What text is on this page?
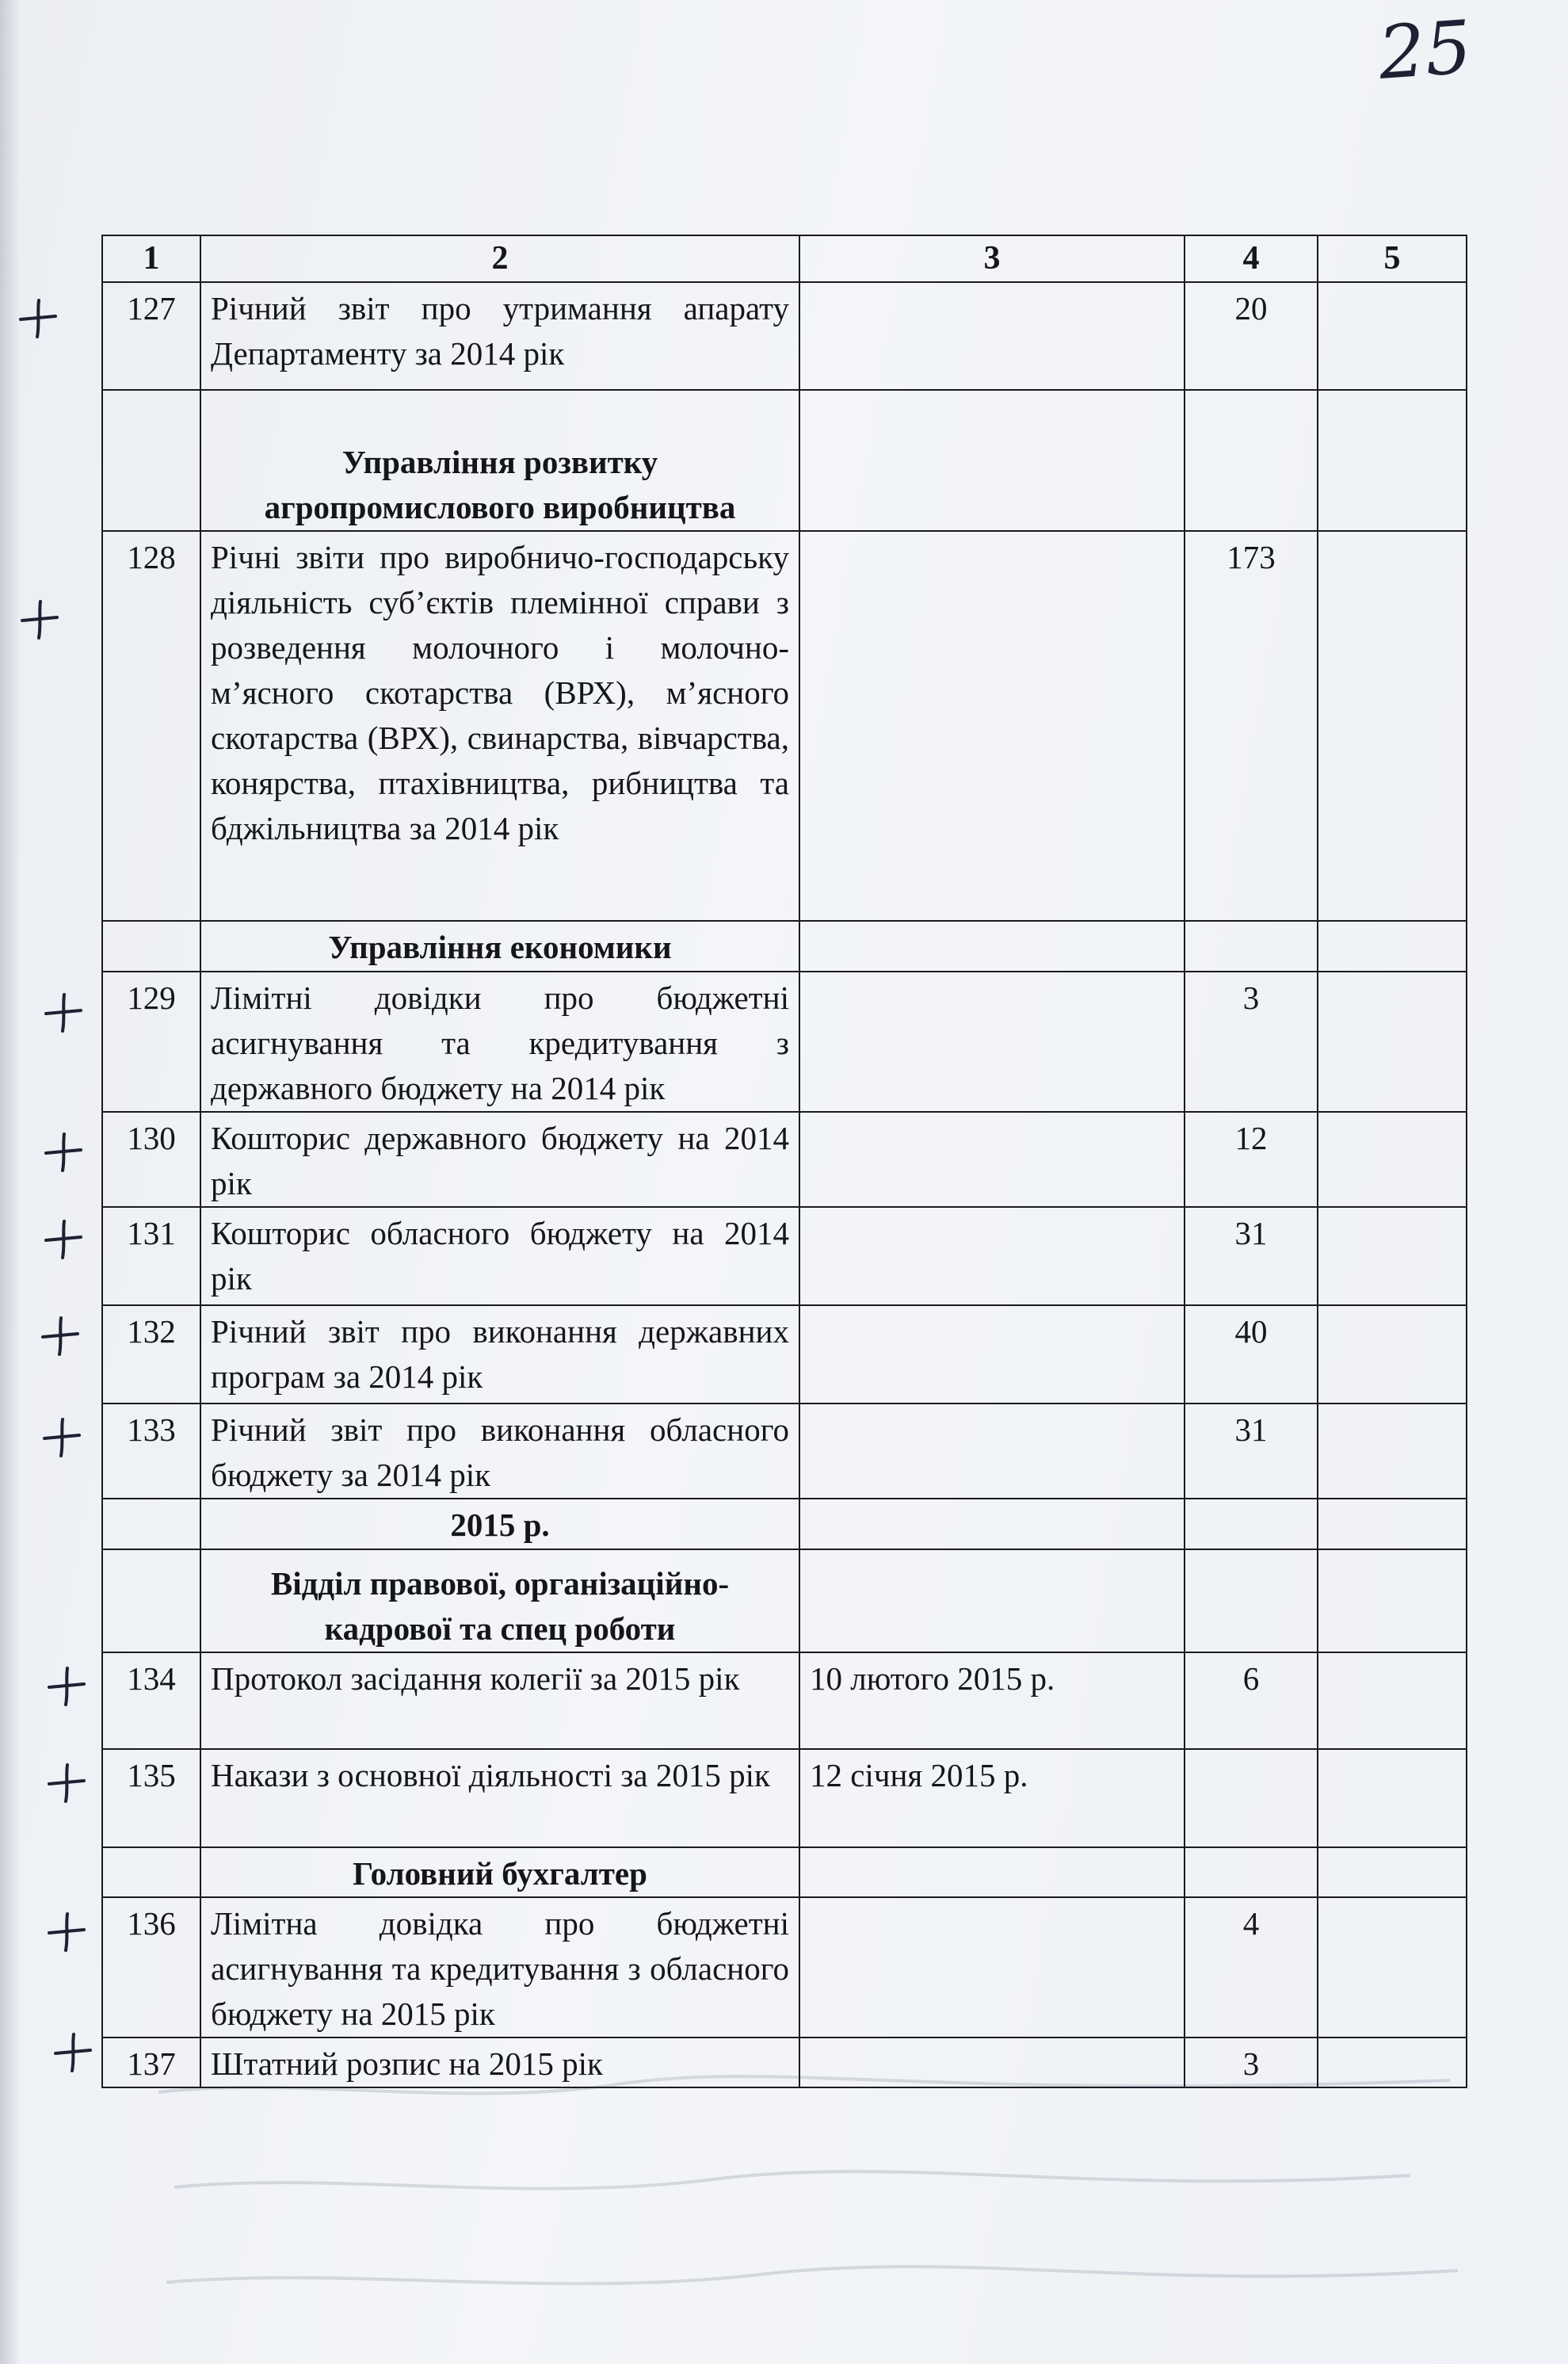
25
1	2	3	4	5
127	Річний звіт про утримання апарату Департаменту за 2014 рік		20	
	Управління розвитку агропромислового виробництва			
128	Річні звіти про виробничо-господарську діяльність суб’єктів племінної справи з розведення молочного і молочно-м’ясного скотарства (ВРХ), м’ясного скотарства (ВРХ), свинарства, вівчарства, конярства, птахівництва, рибництва та бджільництва за 2014 рік		173	
	Управління економики			
129	Лімітні довідки про бюджетні асигнування та кредитування з державного бюджету на 2014 рік		3	
130	Кошторис державного бюджету на 2014 рік		12	
131	Кошторис обласного бюджету на 2014 рік		31	
132	Річний звіт про виконання державних програм за 2014 рік		40	
133	Річний звіт про виконання обласного бюджету за 2014 рік		31	
	2015 р.			
	Відділ правової, організаційно-кадрової та спец роботи			
134	Протокол засідання колегії за 2015 рік	10 лютого 2015 р.	6	
135	Накази з основної діяльності за 2015 рік	12 січня 2015 р.		
	Головний бухгалтер			
136	Лімітна довідка про бюджетні асигнування та кредитування з обласного бюджету на 2015 рік		4	
137	Штатний розпис на 2015 рік		3	
